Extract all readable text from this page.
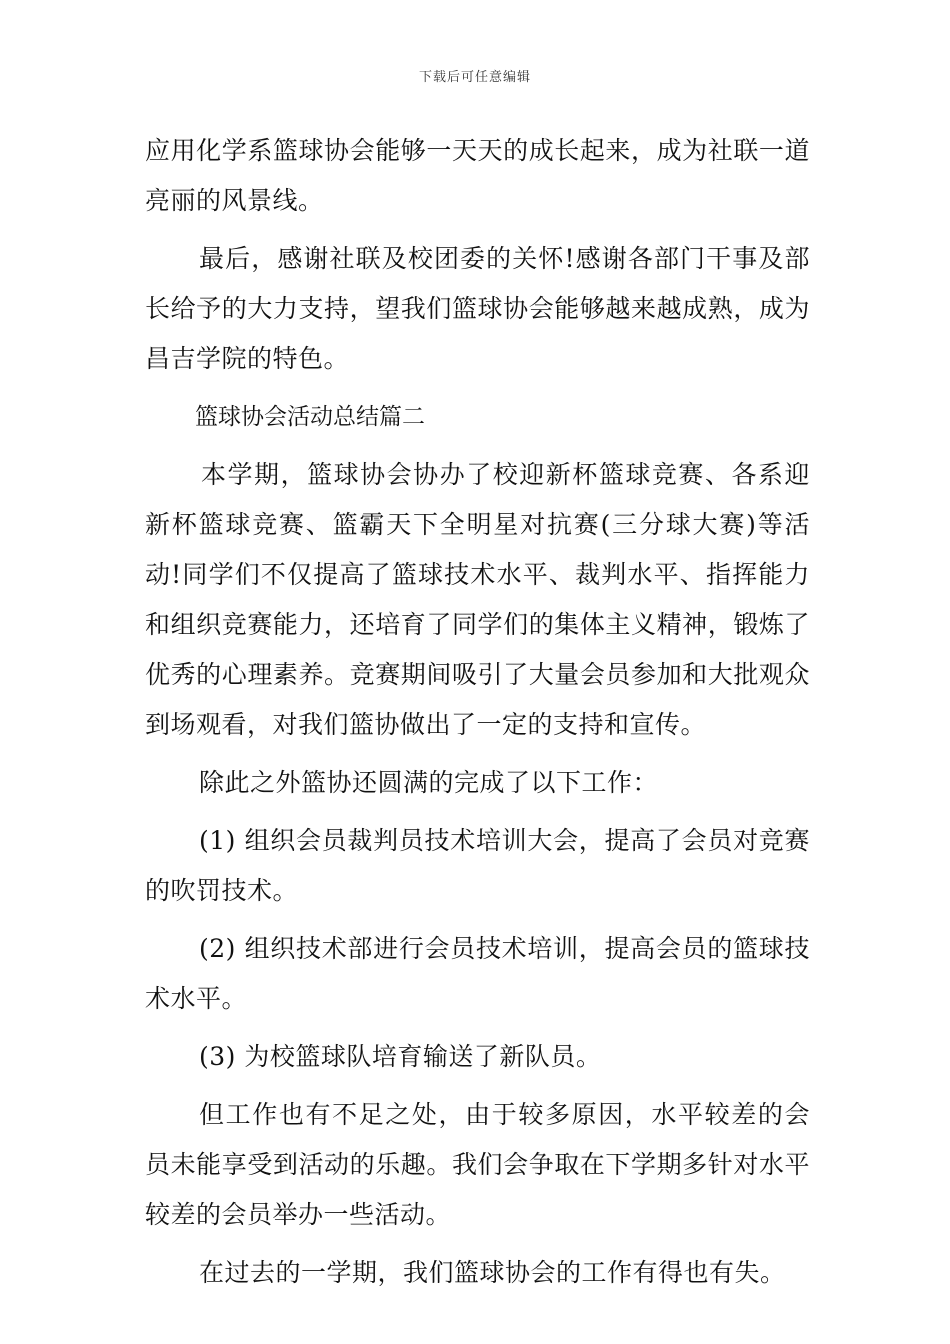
下载后可任意编辑

应用化学系篮球协会能够一天天的成长起来，成为社联一道亮丽的风景线。

最后，感谢社联及校团委的关怀!感谢各部门干事及部长给予的大力支持，望我们篮球协会能够越来越成熟，成为昌吉学院的特色。

篮球协会活动总结篇二

本学期，篮球协会协办了校迎新杯篮球竞赛、各系迎新杯篮球竞赛、篮霸天下全明星对抗赛(三分球大赛)等活动!同学们不仅提高了篮球技术水平、裁判水平、指挥能力和组织竞赛能力，还培育了同学们的集体主义精神，锻炼了优秀的心理素养。竞赛期间吸引了大量会员参加和大批观众到场观看，对我们篮协做出了一定的支持和宣传。

除此之外篮协还圆满的完成了以下工作：

(1) 组织会员裁判员技术培训大会，提高了会员对竞赛的吹罚技术。

(2) 组织技术部进行会员技术培训，提高会员的篮球技术水平。

(3) 为校篮球队培育输送了新队员。

但工作也有不足之处，由于较多原因，水平较差的会员未能享受到活动的乐趣。我们会争取在下学期多针对水平较差的会员举办一些活动。

在过去的一学期，我们篮球协会的工作有得也有失。
